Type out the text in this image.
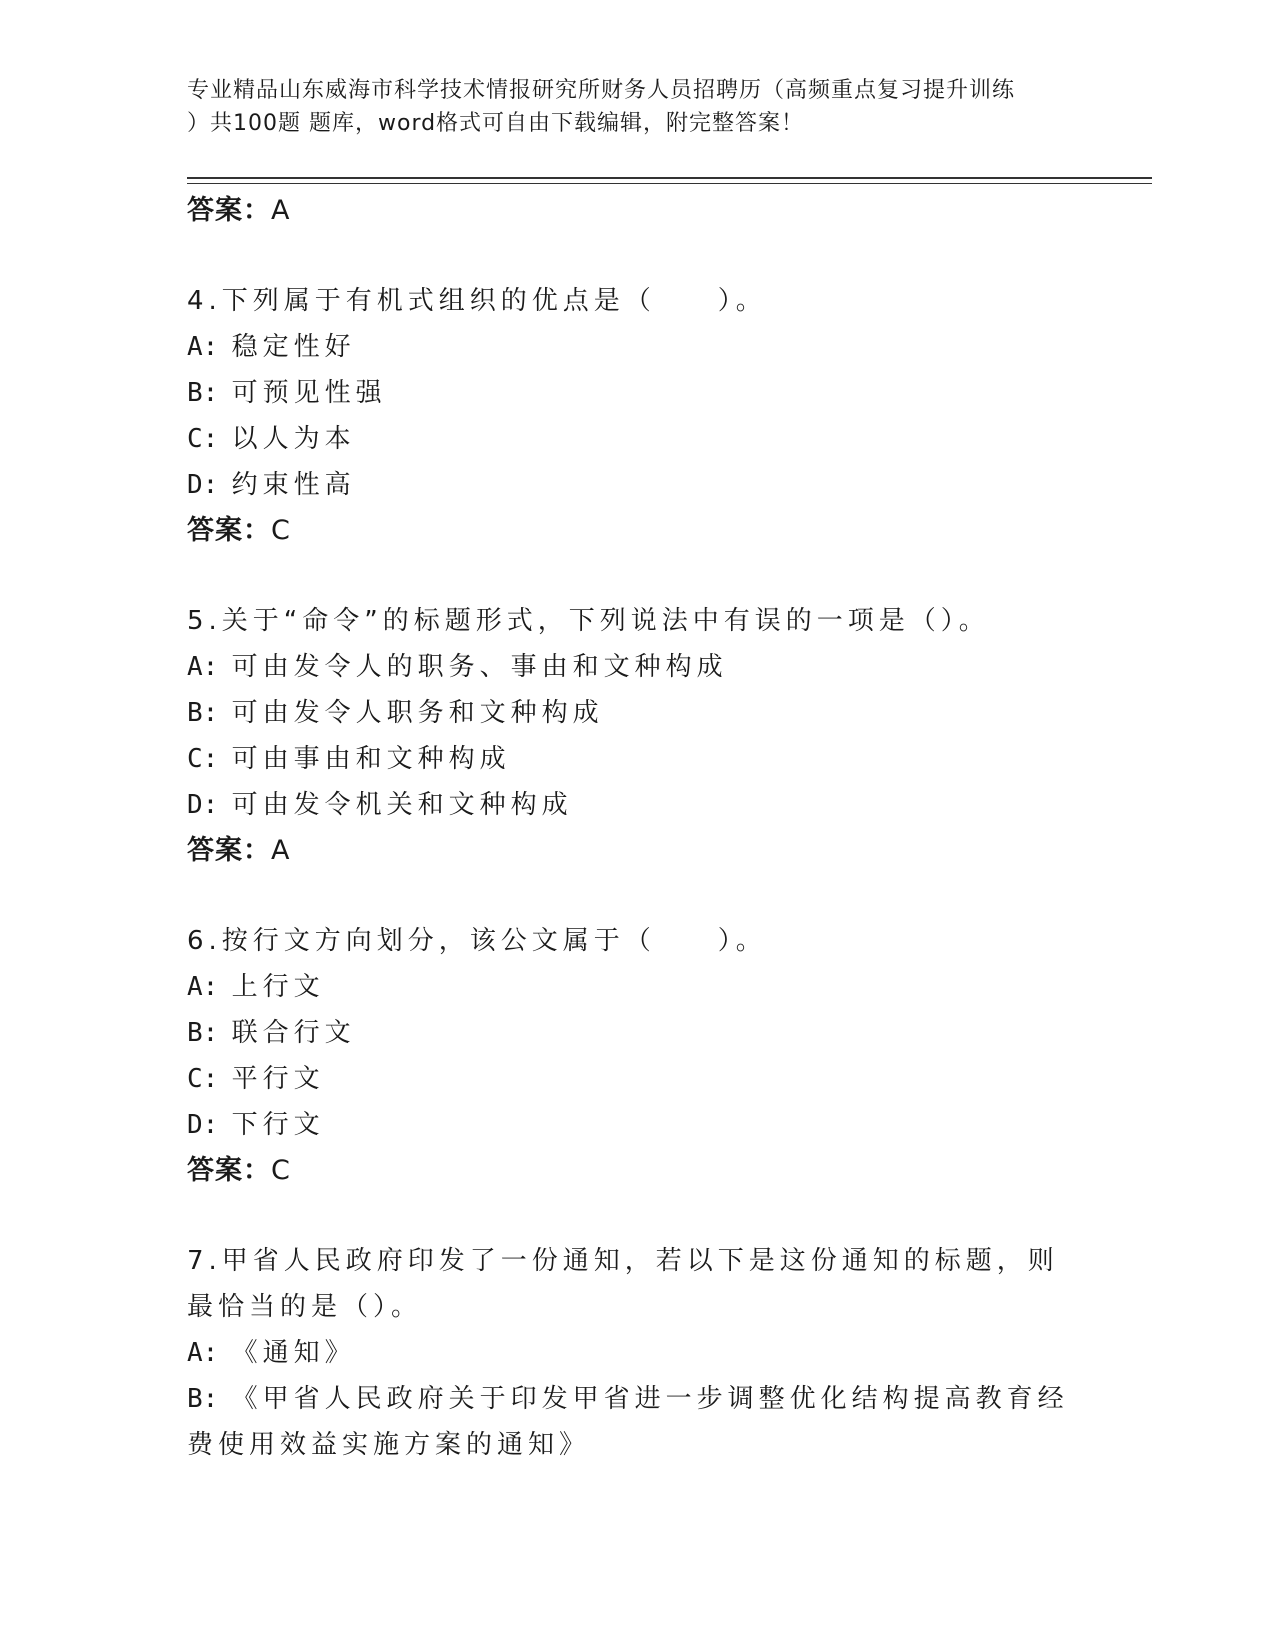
专业精品山东威海市科学技术情报研究所财务人员招聘历（高频重点复习提升训练
）共100题 题库，word格式可自由下载编辑，附完整答案！
答案：A
4.下列属于有机式组织的优点是（　　）。
A: 稳定性好
B: 可预见性强
C: 以人为本
D: 约束性高
答案：C
5.关于“命令”的标题形式，下列说法中有误的一项是（）。
A: 可由发令人的职务、事由和文种构成
B: 可由发令人职务和文种构成
C: 可由事由和文种构成
D: 可由发令机关和文种构成
答案：A
6.按行文方向划分，该公文属于（　　）。
A: 上行文
B: 联合行文
C: 平行文
D: 下行文
答案：C
7.甲省人民政府印发了一份通知，若以下是这份通知的标题，则最恰当的是（）。
A: 《通知》
B: 《甲省人民政府关于印发甲省进一步调整优化结构提高教育经费使用效益实施方案的通知》
